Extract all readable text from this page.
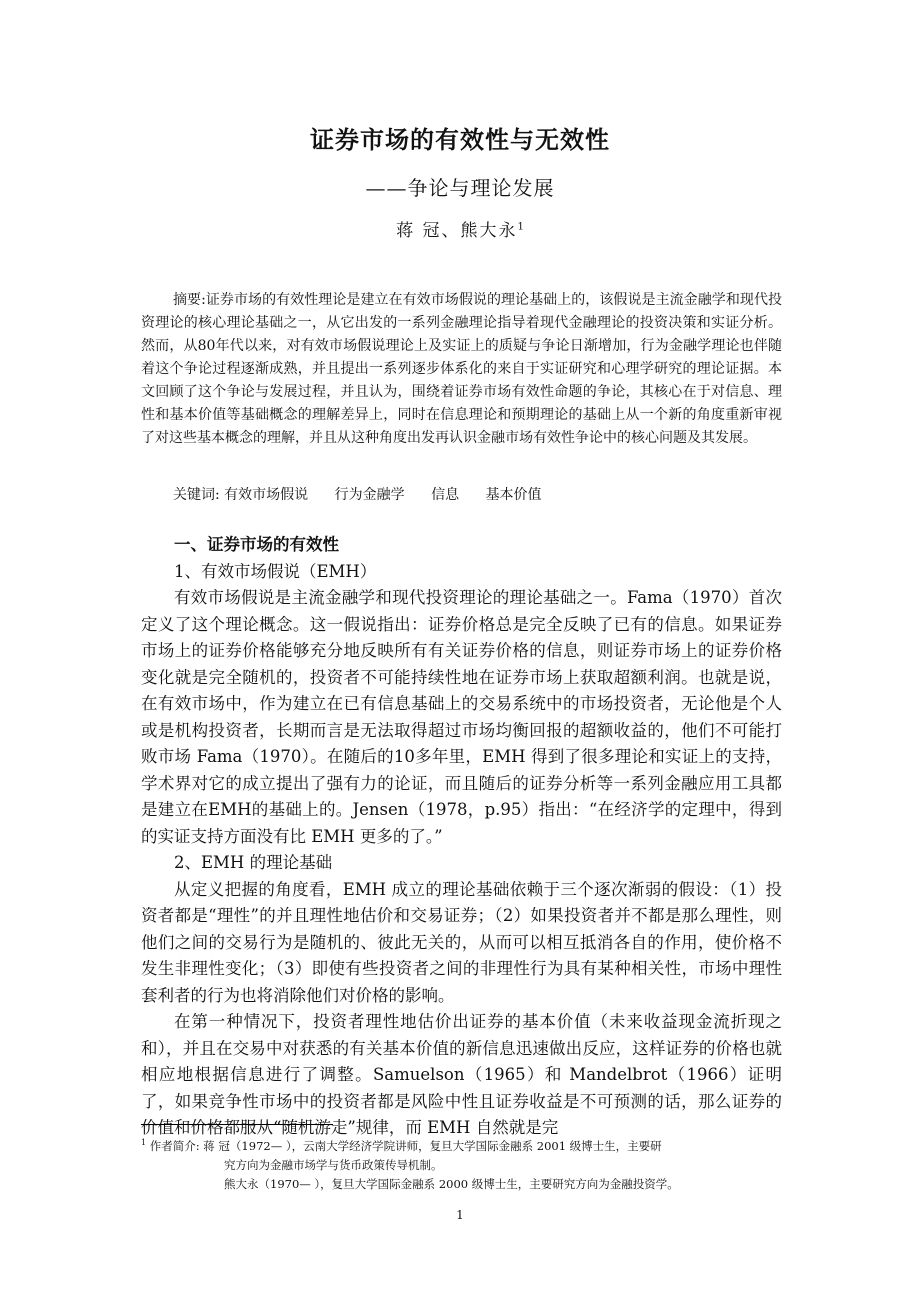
证券市场的有效性与无效性
——争论与理论发展
蒋 冠、熊大永$^1$

摘要:证券市场的有效性理论是建立在有效市场假说的理论基础上的，该假说是主流金融学和现代投资理论的核心理论基础之一，从它出发的一系列金融理论指导着现代金融理论的投资决策和实证分析。然而，从80年代以来，对有效市场假说理论上及实证上的质疑与争论日渐增加，行为金融学理论也伴随着这个争论过程逐渐成熟，并且提出一系列逐步体系化的来自于实证研究和心理学研究的理论证据。本文回顾了这个争论与发展过程，并且认为，围绕着证券市场有效性命题的争论，其核心在于对信息、理性和基本价值等基础概念的理解差异上，同时在信息理论和预期理论的基础上从一个新的角度重新审视了对这些基本概念的理解，并且从这种角度出发再认识金融市场有效性争论中的核心问题及其发展。

关键词: 有效市场假说 行为金融学 信息 基本价值
一、证券市场的有效性

1、有效市场假说（EMH）

有效市场假说是主流金融学和现代投资理论的理论基础之一。Fama（1970）首次定义了这个理论概念。这一假说指出：证券价格总是完全反映了已有的信息。如果证券市场上的证券价格能够充分地反映所有有关证券价格的信息，则证券市场上的证券价格变化就是完全随机的，投资者不可能持续性地在证券市场上获取超额利润。也就是说，在有效市场中，作为建立在已有信息基础上的交易系统中的市场投资者，无论他是个人或是机构投资者，长期而言是无法取得超过市场均衡回报的超额收益的，他们不可能打败市场 Fama（1970）。在随后的10多年里，EMH 得到了很多理论和实证上的支持，学术界对它的成立提出了强有力的论证，而且随后的证券分析等一系列金融应用工具都是建立在EMH的基础上的。Jensen（1978，p.95）指出：“在经济学的定理中，得到的实证支持方面没有比 EMH 更多的了。”

2、EMH 的理论基础

从定义把握的角度看，EMH 成立的理论基础依赖于三个逐次渐弱的假设：（1）投资者都是“理性”的并且理性地估价和交易证券；（2）如果投资者并不都是那么理性，则他们之间的交易行为是随机的、彼此无关的，从而可以相互抵消各自的作用，使价格不发生非理性变化；（3）即使有些投资者之间的非理性行为具有某种相关性，市场中理性套利者的行为也将消除他们对价格的影响。

在第一种情况下，投资者理性地估价出证券的基本价值（未来收益现金流折现之和），并且在交易中对获悉的有关基本价值的新信息迅速做出反应，这样证券的价格也就相应地根据信息进行了调整。Samuelson（1965）和 Mandelbrot（1966）证明了，如果竞争性市场中的投资者都是风险中性且证券收益是不可预测的话，那么证券的价值和价格都服从“随机游走”规律，而 EMH 自然就是完

$^1$ 作者简介: 蒋 冠（1972— ），云南大学经济学院讲师，复旦大学国际金融系 2001 级博士生，主要研

究方向为金融市场学与货币政策传导机制。

熊大永（1970— ），复旦大学国际金融系 2000 级博士生，主要研究方向为金融投资学。

1
